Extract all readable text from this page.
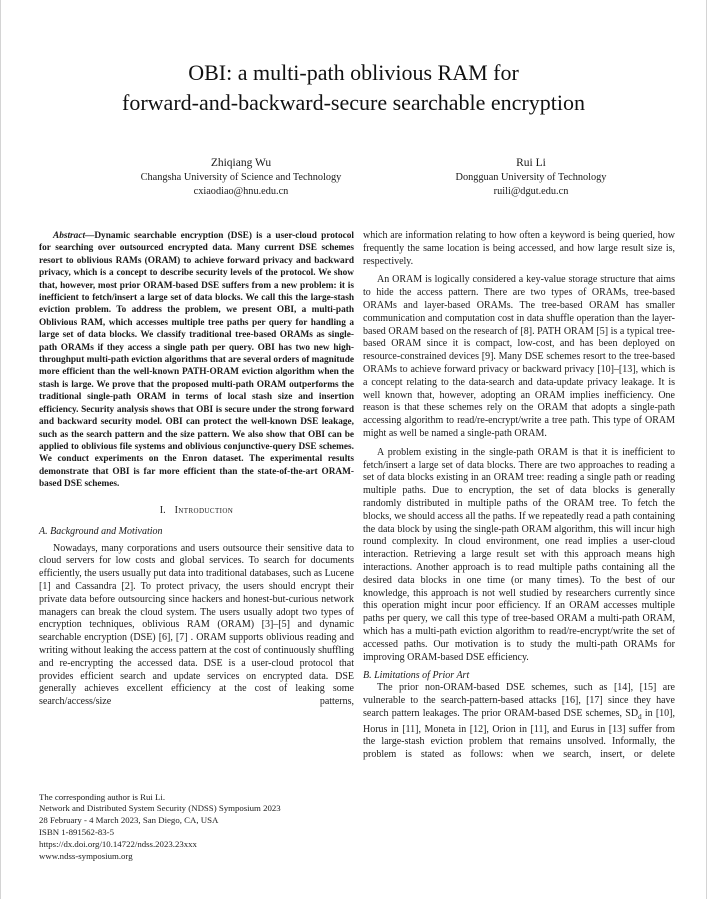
OBI: a multi-path oblivious RAM for
forward-and-backward-secure searchable encryption
Zhiqiang Wu
Changsha University of Science and Technology
cxiaodiao@hnu.edu.cn
Rui Li
Dongguan University of Technology
ruili@dgut.edu.cn

Abstract—Dynamic searchable encryption (DSE) is a user-cloud protocol for searching over outsourced encrypted data. Many current DSE schemes resort to oblivious RAMs (ORAM) to achieve forward privacy and backward privacy, which is a concept to describe security levels of the protocol. We show that, however, most prior ORAM-based DSE suffers from a new problem: it is inefficient to fetch/insert a large set of data blocks. We call this the large-stash eviction problem. To address the problem, we present OBI, a multi-path Oblivious RAM, which accesses multiple tree paths per query for handling a large set of data blocks. We classify traditional tree-based ORAMs as single-path ORAMs if they access a single path per query. OBI has two new high-throughput multi-path eviction algorithms that are several orders of magnitude more efficient than the well-known PATH-ORAM eviction algorithm when the stash is large. We prove that the proposed multi-path ORAM outperforms the traditional single-path ORAM in terms of local stash size and insertion efficiency. Security analysis shows that OBI is secure under the strong forward and backward security model. OBI can protect the well-known DSE leakage, such as the search pattern and the size pattern. We also show that OBI can be applied to oblivious file systems and oblivious conjunctive-query DSE schemes. We conduct experiments on the Enron dataset. The experimental results demonstrate that OBI is far more efficient than the state-of-the-art ORAM-based DSE schemes.

I. Introduction
A. Background and Motivation

Nowadays, many corporations and users outsource their sensitive data to cloud servers for low costs and global services. To search for documents efficiently, the users usually put data into traditional databases, such as Lucene [1] and Cassandra [2]. To protect privacy, the users should encrypt their private data before outsourcing since hackers and honest-but-curious network managers can break the cloud system. The users usually adopt two types of encryption techniques, oblivious RAM (ORAM) [3]–[5] and dynamic searchable encryption (DSE) [6], [7] . ORAM supports oblivious reading and writing without leaking the access pattern at the cost of continuously shuffling and re-encrypting the accessed data. DSE is a user-cloud protocol that provides efficient search and update services on encrypted data. DSE generally achieves excellent efficiency at the cost of leaking some search/access/size patterns,

The corresponding author is Rui Li.
Network and Distributed System Security (NDSS) Symposium 2023
28 February - 4 March 2023, San Diego, CA, USA
ISBN 1-891562-83-5
https://dx.doi.org/10.14722/ndss.2023.23xxx
www.ndss-symposium.org

which are information relating to how often a keyword is being queried, how frequently the same location is being accessed, and how large result size is, respectively.

An ORAM is logically considered a key-value storage structure that aims to hide the access pattern. There are two types of ORAMs, tree-based ORAMs and layer-based ORAMs. The tree-based ORAM has smaller communication and computation cost in data shuffle operation than the layer-based ORAM based on the research of [8]. PATH ORAM [5] is a typical tree-based ORAM since it is compact, low-cost, and has been deployed on resource-constrained devices [9]. Many DSE schemes resort to the tree-based ORAMs to achieve forward privacy or backward privacy [10]–[13], which is a concept relating to the data-search and data-update privacy leakage. It is well known that, however, adopting an ORAM implies inefficiency. One reason is that these schemes rely on the ORAM that adopts a single-path accessing algorithm to read/re-encrypt/write a tree path. This type of ORAM might as well be named a single-path ORAM.

A problem existing in the single-path ORAM is that it is inefficient to fetch/insert a large set of data blocks. There are two approaches to reading a set of data blocks existing in an ORAM tree: reading a single path or reading multiple paths. Due to encryption, the set of data blocks is generally randomly distributed in multiple paths of the ORAM tree. To fetch the blocks, we should access all the paths. If we repeatedly read a path containing the data block by using the single-path ORAM algorithm, this will incur high round complexity. In cloud environment, one read implies a user-cloud interaction. Retrieving a large result set with this approach means high interactions. Another approach is to read multiple paths containing all the desired data blocks in one time (or many times). To the best of our knowledge, this approach is not well studied by researchers currently since this operation might incur poor efficiency. If an ORAM accesses multiple paths per query, we call this type of tree-based ORAM a multi-path ORAM, which has a multi-path eviction algorithm to read/re-encrypt/write the set of accessed paths. Our motivation is to study the multi-path ORAMs for improving ORAM-based DSE efficiency.

B. Limitations of Prior Art

The prior non-ORAM-based DSE schemes, such as [14], [15] are vulnerable to the search-pattern-based attacks [16], [17] since they have search pattern leakages. The prior ORAM-based DSE schemes, $SD_d$ in [10], Horus in [11], Moneta in [12], Orion in [11], and Eurus in [13] suffer from the large-stash eviction problem that remains unsolved. Informally, the problem is stated as follows: when we search, insert, or delete
